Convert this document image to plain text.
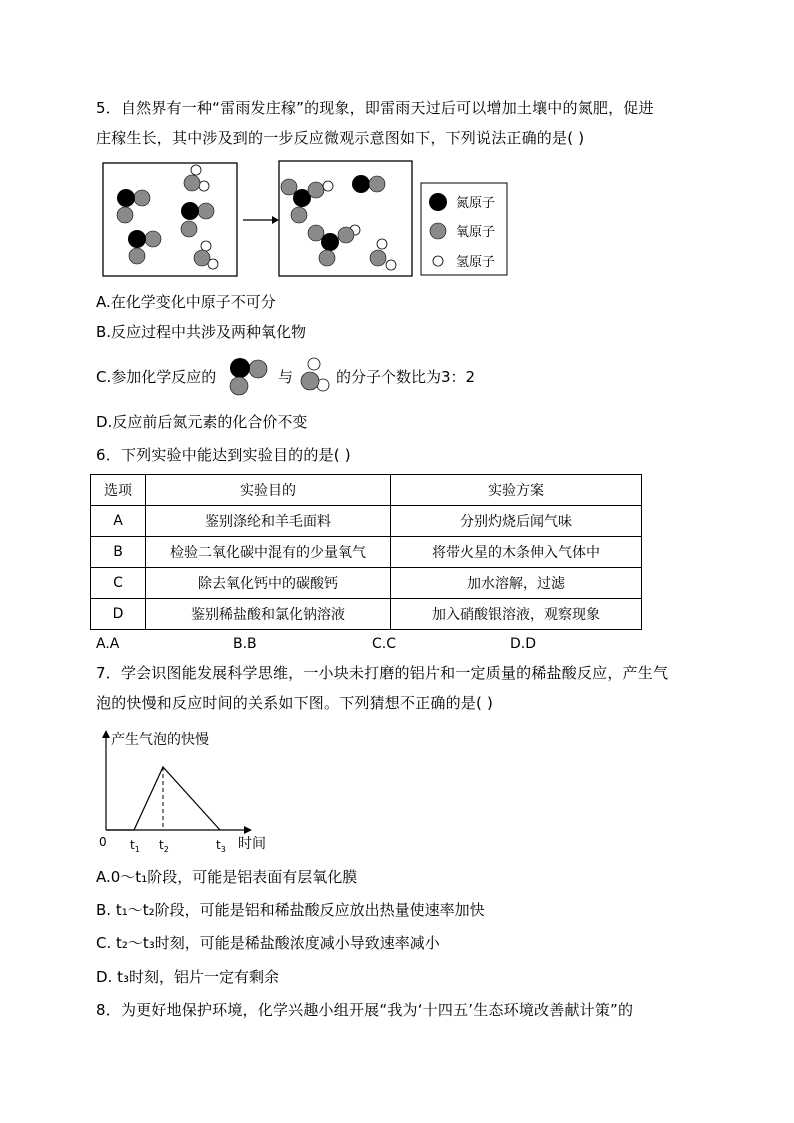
5．自然界有一种“雷雨发庄稼”的现象，即雷雨天过后可以增加土壤中的氮肥，促进
庄稼生长，其中涉及到的一步反应微观示意图如下，下列说法正确的是( )
氮原子
氧原子
氢原子
A.在化学变化中原子不可分
B.反应过程中共涉及两种氧化物
C.参加化学反应的	与	的分子个数比为3：2
D.反应前后氮元素的化合价不变
6．下列实验中能达到实验目的的是( )
选项	实验目的	实验方案
A	鉴别涤纶和羊毛面料	分别灼烧后闻气味
B	检验二氧化碳中混有的少量氧气	将带火星的木条伸入气体中
C	除去氧化钙中的碳酸钙	加水溶解，过滤
D	鉴别稀盐酸和氯化钠溶液	加入硝酸银溶液，观察现象
A.A	B.B	C.C	D.D
7．学会识图能发展科学思维，一小块未打磨的铝片和一定质量的稀盐酸反应，产生气
泡的快慢和反应时间的关系如下图。下列猜想不正确的是( )
产生气泡的快慢
0	时间
$t_1$ $t_2$	$t_3$
A.0～t₁阶段，可能是铝表面有层氧化膜
B. t₁～t₂阶段，可能是铝和稀盐酸反应放出热量使速率加快
C. t₂～t₃时刻，可能是稀盐酸浓度减小导致速率减小
D. t₃时刻，铝片一定有剩余
8．为更好地保护环境，化学兴趣小组开展“我为‘十四五’生态环境改善献计策”的
